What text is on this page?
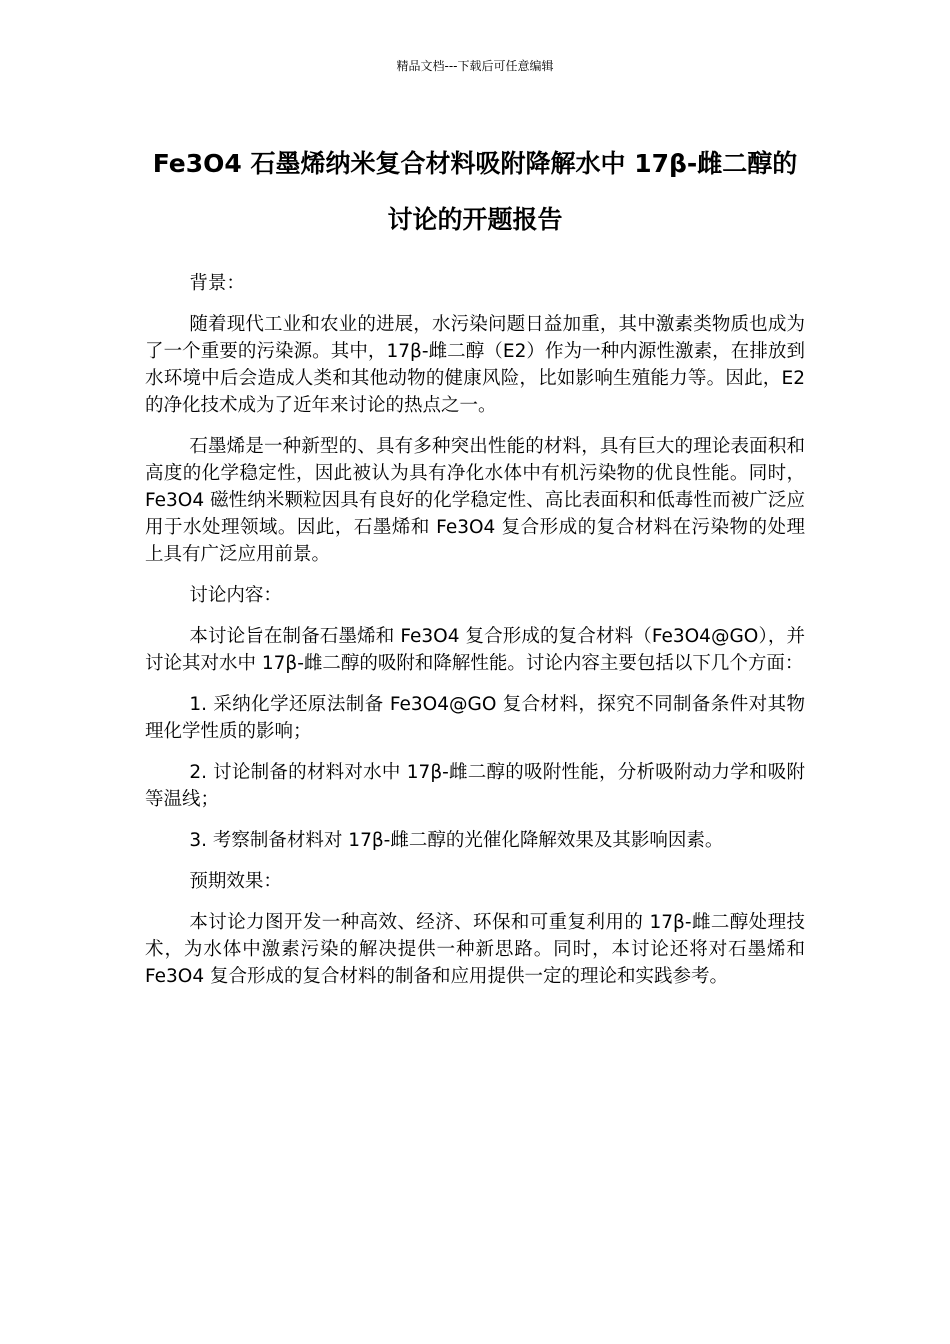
精品文档---下载后可任意编辑
Fe3O4 石墨烯纳米复合材料吸附降解水中 17β-雌二醇的讨论的开题报告

背景：

随着现代工业和农业的进展，水污染问题日益加重，其中激素类物质也成为了一个重要的污染源。其中，17β-雌二醇（E2）作为一种内源性激素，在排放到水环境中后会造成人类和其他动物的健康风险，比如影响生殖能力等。因此，E2 的净化技术成为了近年来讨论的热点之一。

石墨烯是一种新型的、具有多种突出性能的材料，具有巨大的理论表面积和高度的化学稳定性，因此被认为具有净化水体中有机污染物的优良性能。同时，Fe3O4 磁性纳米颗粒因具有良好的化学稳定性、高比表面积和低毒性而被广泛应用于水处理领域。因此，石墨烯和 Fe3O4 复合形成的复合材料在污染物的处理上具有广泛应用前景。

讨论内容：

本讨论旨在制备石墨烯和 Fe3O4 复合形成的复合材料（Fe3O4@GO），并讨论其对水中 17β-雌二醇的吸附和降解性能。讨论内容主要包括以下几个方面：

1. 采纳化学还原法制备 Fe3O4@GO 复合材料，探究不同制备条件对其物理化学性质的影响；

2. 讨论制备的材料对水中 17β-雌二醇的吸附性能，分析吸附动力学和吸附等温线；

3. 考察制备材料对 17β-雌二醇的光催化降解效果及其影响因素。

预期效果：

本讨论力图开发一种高效、经济、环保和可重复利用的 17β-雌二醇处理技术，为水体中激素污染的解决提供一种新思路。同时，本讨论还将对石墨烯和 Fe3O4 复合形成的复合材料的制备和应用提供一定的理论和实践参考。
